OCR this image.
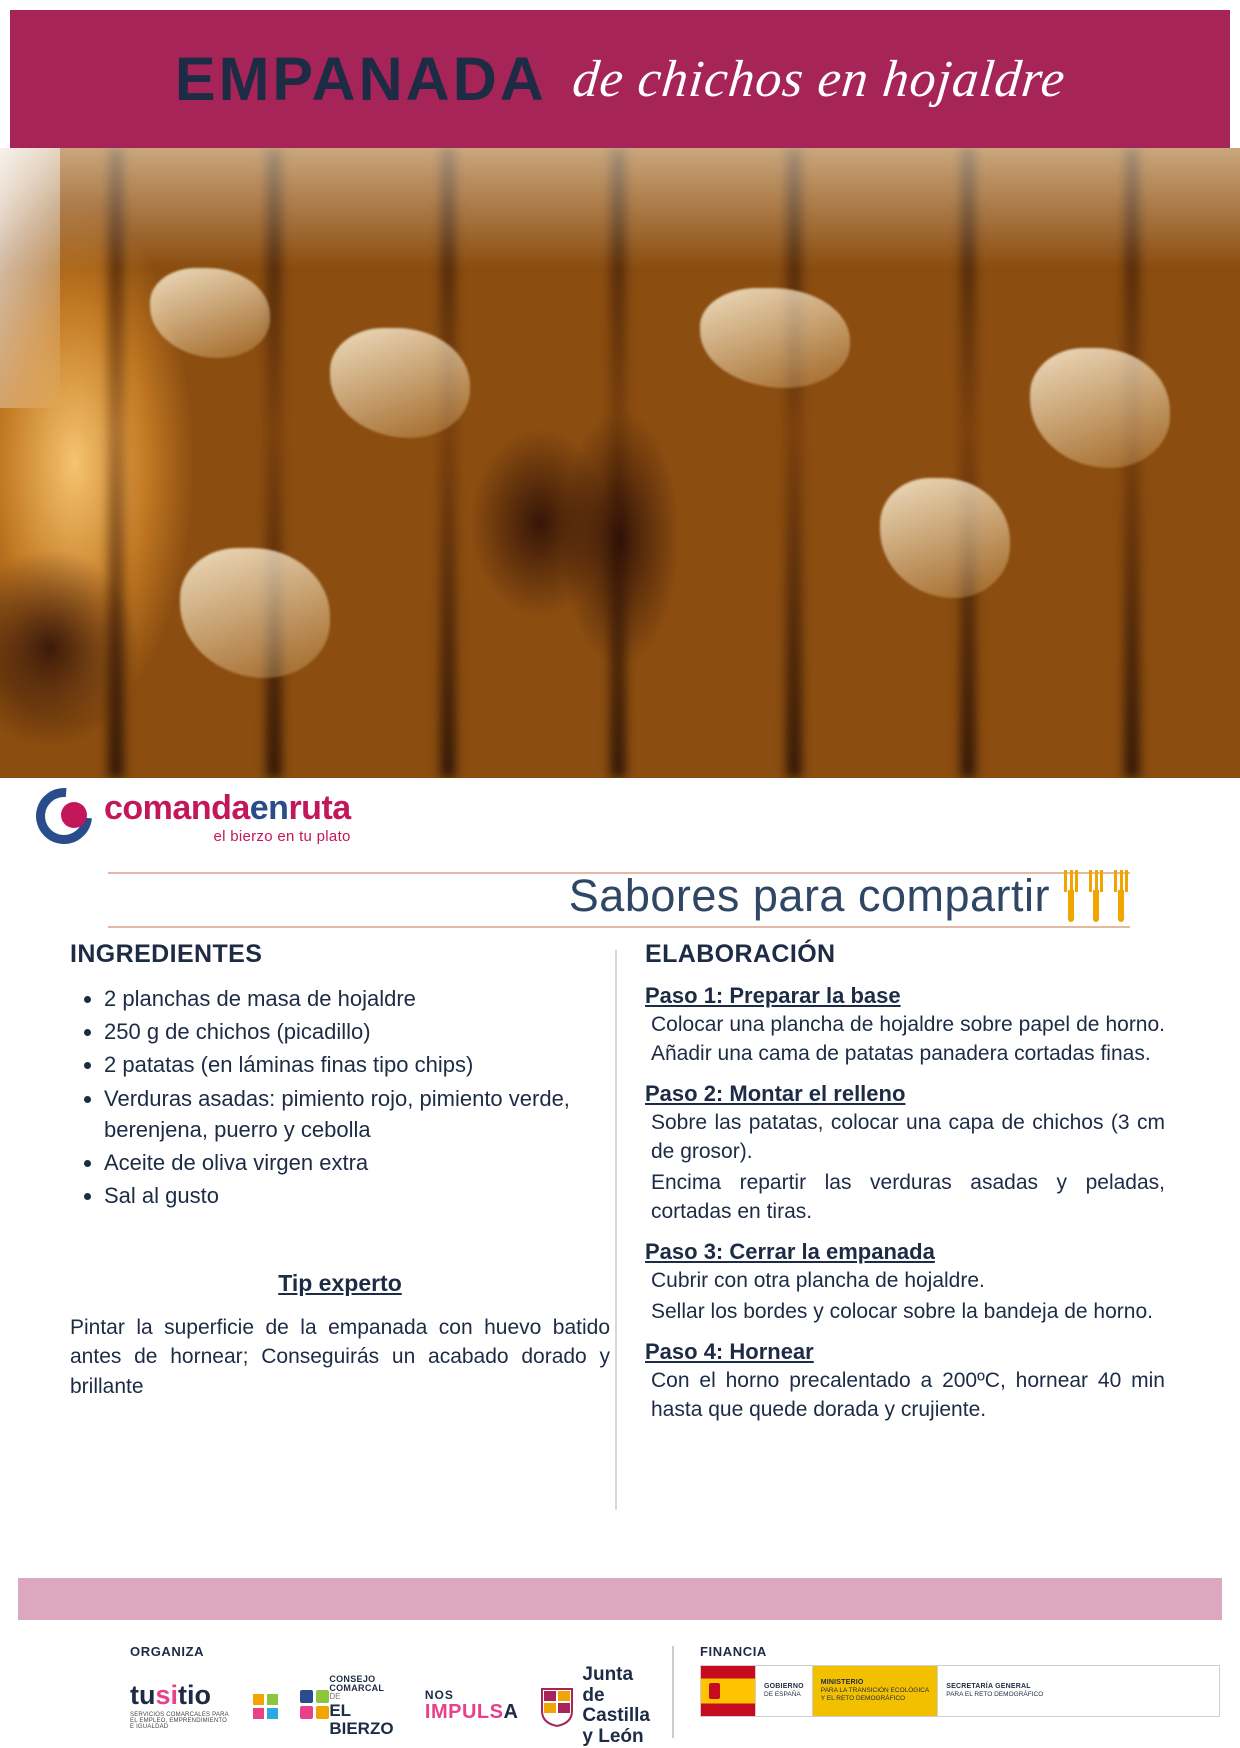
EMPANADA de chichos en hojaldre
comandaenruta
el bierzo en tu plato
Sabores para compartir
INGREDIENTES
• 2 planchas de masa de hojaldre
• 250 g de chichos (picadillo)
• 2 patatas (en láminas finas tipo chips)
• Verduras asadas: pimiento rojo, pimiento verde, berenjena, puerro y cebolla
• Aceite de oliva virgen extra
• Sal al gusto
Tip experto
Pintar la superficie de la empanada con huevo batido antes de hornear; Conseguirás un acabado dorado y brillante
ELABORACIÓN
Paso 1: Preparar la base

Colocar una plancha de hojaldre sobre papel de horno. Añadir una cama de patatas panadera cortadas finas.

Paso 2: Montar el relleno

Sobre las patatas, colocar una capa de chichos (3 cm de grosor).

Encima repartir las verduras asadas y peladas, cortadas en tiras.

Paso 3: Cerrar la empanada

Cubrir con otra plancha de hojaldre.

Sellar los bordes y colocar sobre la bandeja de horno.

Paso 4: Hornear

Con el horno precalentado a 200ºC, hornear 40 min hasta que quede dorada y crujiente.

ORGANIZA
tusitio
SERVICIOS COMARCALES PARA EL EMPLEO, EMPRENDIMIENTO E IGUALDAD
CONSEJO COMARCAL
DE
EL BIERZO
NOS
IMPULSA
Junta de
Castilla y León
FINANCIA
GOBIERNO
DE ESPAÑA
MINISTERIO
PARA LA TRANSICIÓN ECOLÓGICA
Y EL RETO DEMOGRÁFICO
SECRETARÍA GENERAL
PARA EL RETO DEMOGRÁFICO
